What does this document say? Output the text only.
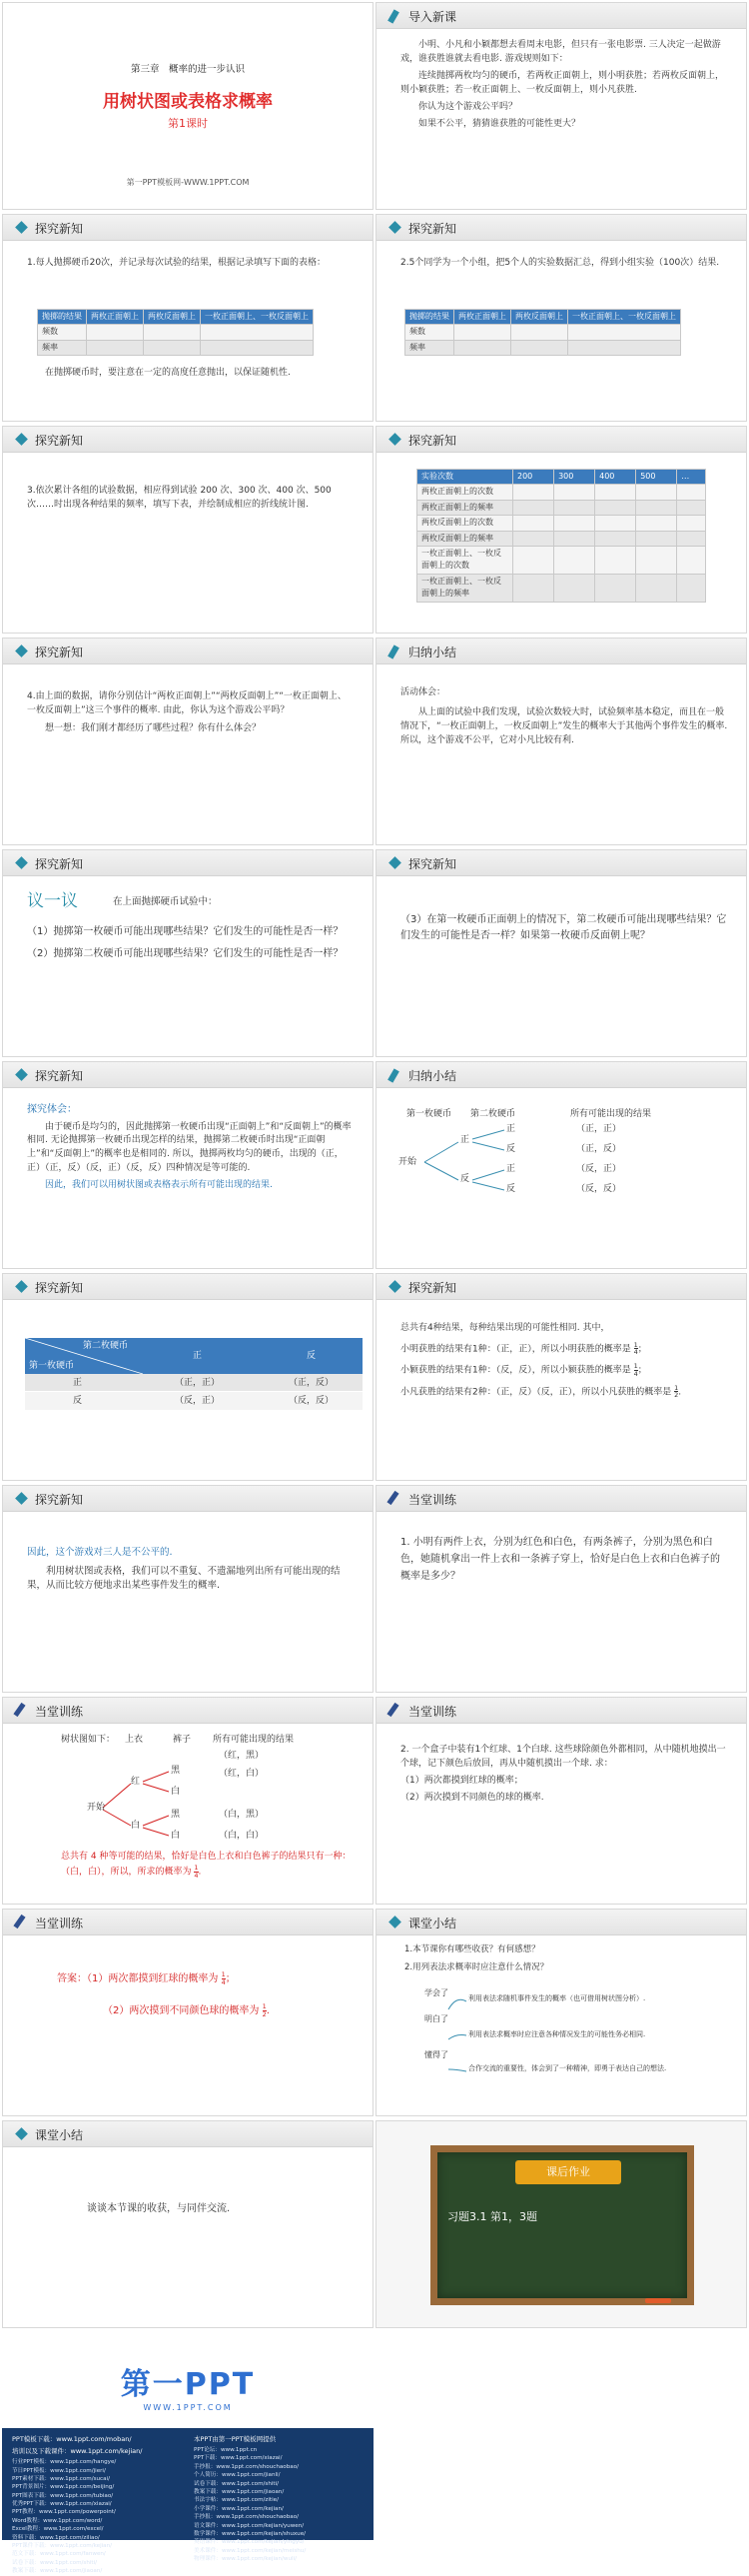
第三章　概率的进一步认识
用树状图或表格求概率
第1课时
第一PPT模板网-WWW.1PPT.COM
导入新课

小明、小凡和小颖都想去看周末电影，但只有一张电影票. 三人决定一起做游戏，谁获胜谁就去看电影. 游戏规则如下：

连续抛掷两枚均匀的硬币，若两枚正面朝上，则小明获胜；若两枚反面朝上，则小颖获胜；若一枚正面朝上、一枚反面朝上，则小凡获胜.

你认为这个游戏公平吗？

如果不公平，猜猜谁获胜的可能性更大？

探究新知
1.每人抛掷硬币20次，并记录每次试验的结果，根据记录填写下面的表格：
抛掷的结果	两枚正面朝上	两枚反面朝上	一枚正面朝上、一枚反面朝上
频数			
频率			
在抛掷硬币时，要注意在一定的高度任意抛出，以保证随机性.
探究新知
2.5个同学为一个小组，把5个人的实验数据汇总，得到小组实验（100次）结果.
抛掷的结果	两枚正面朝上	两枚反面朝上	一枚正面朝上、一枚反面朝上
频数			
频率			
探究新知
3.依次累计各组的试验数据，相应得到试验 200 次、300 次、400 次、500 次……时出现各种结果的频率，填写下表，并绘制成相应的折线统计图.
探究新知
实验次数	200	300	400	500	…
两枚正面朝上的次数					
两枚正面朝上的频率					
两枚反面朝上的次数					
两枚反面朝上的频率					
一枚正面朝上、一枚反面朝上的次数					
一枚正面朝上、一枚反面朝上的频率					
探究新知

4.由上面的数据，请你分别估计“两枚正面朝上”“两枚反面朝上”“一枚正面朝上、一枚反面朝上”这三个事件的概率. 由此，你认为这个游戏公平吗？

想一想：我们刚才都经历了哪些过程？你有什么体会？

归纳小结

活动体会：

从上面的试验中我们发现，试验次数较大时，试验频率基本稳定，而且在一般情况下，“一枚正面朝上，一枚反面朝上”发生的概率大于其他两个事件发生的概率. 所以，这个游戏不公平，它对小凡比较有利.

探究新知
议一议	在上面抛掷硬币试验中：

（1）抛掷第一枚硬币可能出现哪些结果？它们发生的可能性是否一样？

（2）抛掷第二枚硬币可能出现哪些结果？它们发生的可能性是否一样？

探究新知
（3）在第一枚硬币正面朝上的情况下，第二枚硬币可能出现哪些结果？它们发生的可能性是否一样？如果第一枚硬币反面朝上呢？
探究新知

探究体会：

由于硬币是均匀的，因此抛掷第一枚硬币出现“正面朝上”和“反面朝上”的概率相同. 无论抛掷第一枚硬币出现怎样的结果，抛掷第二枚硬币时出现“正面朝上”和“反面朝上”的概率也是相同的. 所以，抛掷两枚均匀的硬币，出现的（正，正）（正，反）（反，正）（反，反）四种情况是等可能的.

因此，我们可以用树状图或表格表示所有可能出现的结果.

归纳小结
第一枚硬币 第二枚硬币	所有可能出现的结果
开始
正
反
正
反
正
反
（正，正）
（正，反）
（反，正）
（反，反）
探究新知
第二枚硬币
第一枚硬币
正	反
正	（正，正）	（正，反）
反	（反，正）	（反，反）
探究新知

总共有4种结果，每种结果出现的可能性相同. 其中，

小明获胜的结果有1种：（正，正），所以小明获胜的概率是 $\frac{1}{4}$ ；

小颖获胜的结果有1种：（反，反），所以小颖获胜的概率是 $\frac{1}{4}$ ；

小凡获胜的结果有2种：（正，反）（反，正），所以小凡获胜的概率是 $\frac{1}{2}$ .

探究新知

因此，这个游戏对三人是不公平的.

利用树状图或表格，我们可以不重复、不遗漏地列出所有可能出现的结果，从而比较方便地求出某些事件发生的概率.

当堂训练
1. 小明有两件上衣，分别为红色和白色，有两条裤子，分别为黑色和白色，她随机拿出一件上衣和一条裤子穿上，恰好是白色上衣和白色裤子的概率是多少？
当堂训练
树状图如下： 上衣	裤子 所有可能出现的结果
开始
红
白
黑
白
黑
白
（红，黑）
（红，白）
（白，黑）
（白，白）
总共有 4 种等可能的结果，恰好是白色上衣和白色裤子的结果只有一种：（白，白），所以，所求的概率为 $\frac{1}{4}$ .
当堂训练

2. 一个盒子中装有1个红球、1个白球. 这些球除颜色外都相同，从中随机地摸出一个球，记下颜色后放回，再从中随机摸出一个球. 求：

（1）两次都摸到红球的概率；

（2）两次摸到不同颜色的球的概率.

当堂训练
答案：（1）两次都摸到红球的概率为 $\frac{1}{4}$ ；
（2）两次摸到不同颜色球的概率为 $\frac{1}{2}$ .
课堂小结
1.本节课你有哪些收获？有何感想？
2.用列表法求概率时应注意什么情况？
学会了
明白了
懂得了
利用表法求随机事件发生的概率（也可借用树状图分析）.
利用表法求概率时应注意各种情况发生的可能性务必相同.
合作交流的重要性，体会到了一种精神，即勇于表达自己的想法.
课堂小结
谈谈本节课的收获，与同伴交流.
课后作业
习题3.1 第1，3题
第一PPT
WWW.1PPT.COM
PPT模板下载：www.1ppt.com/moban/
培训以及下载课件：www.1ppt.com/kejian/
行业PPT模板：www.1ppt.com/hangye/
节日PPT模板：www.1ppt.com/jieri/
PPT素材下载：www.1ppt.com/sucai/
PPT背景图片：www.1ppt.com/beijing/
PPT图表下载：www.1ppt.com/tubiao/
优秀PPT下载：www.1ppt.com/xiazai/
PPT教程：www.1ppt.com/powerpoint/
Word教程：www.1ppt.com/word/
Excel教程：www.1ppt.com/excel/
资料下载：www.1ppt.com/ziliao/
PPT课件下载：www.1ppt.com/kejian/
范文下载：www.1ppt.com/fanwen/
试卷下载：www.1ppt.com/shiti/
教案下载：www.1ppt.com/jiaoan/
本PPT由第一PPT模板网提供
PPT论坛：www.1ppt.cn
PPT下载：www.1ppt.com/xiazai/
手抄报：www.1ppt.com/shouchaobao/
个人简历：www.1ppt.com/jianli/
试卷下载：www.1ppt.com/shiti/
教案下载：www.1ppt.com/jiaoan/
书法字帖：www.1ppt.com/zitie/
小学课件：www.1ppt.com/kejian/
手抄报：www.1ppt.com/shouchaobao/
语文课件：www.1ppt.com/kejian/yuwen/
数学课件：www.1ppt.com/kejian/shuxue/
英语课件：www.1ppt.com/kejian/yingyu/
美术课件：www.1ppt.com/kejian/meishu/
物理课件：www.1ppt.com/kejian/wuli/
